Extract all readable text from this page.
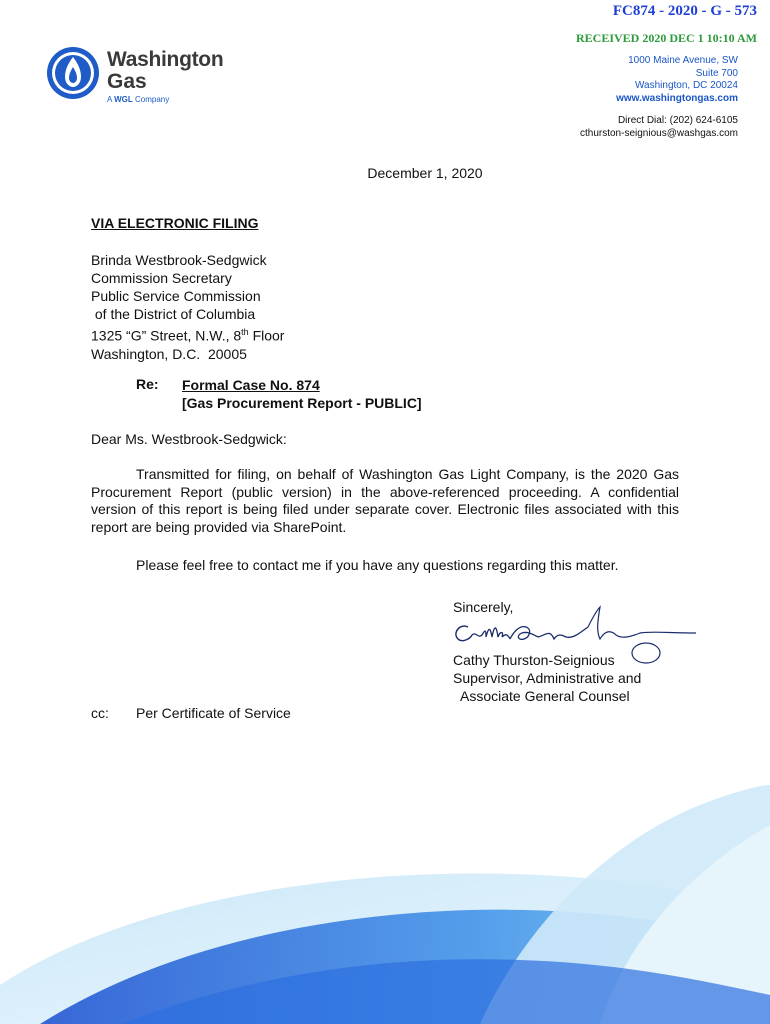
FC874 - 2020 - G - 573
RECEIVED 2020 DEC 1 10:10 AM
Washington
Gas
A WGL Company
1000 Maine Avenue, SW
Suite 700
Washington, DC 20024
www.washingtongas.com
Direct Dial: (202) 624-6105
cthurston-seignious@washgas.com
December 1, 2020
VIA ELECTRONIC FILING
Brinda Westbrook-Sedgwick
Commission Secretary
Public Service Commission
of the District of Columbia
1325 “G” Street, N.W., 8th Floor
Washington, D.C.  20005
Re: Formal Case No. 874
[Gas Procurement Report - PUBLIC]
Dear Ms. Westbrook-Sedgwick:
Transmitted for filing, on behalf of Washington Gas Light Company, is the 2020 Gas Procurement Report (public version) in the above-referenced proceeding. A confidential version of this report is being filed under separate cover. Electronic files associated with this report are being provided via SharePoint.
Please feel free to contact me if you have any questions regarding this matter.
Sincerely,
Cathy Thurston-Seignious
Supervisor, Administrative and
Associate General Counsel
cc: Per Certificate of Service
